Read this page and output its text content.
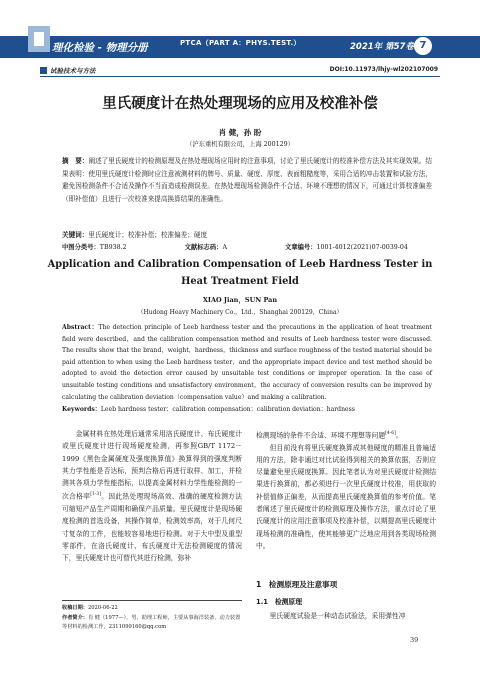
理化检验 - 物理分册	PTCA（PART A：PHYS.TEST.）	2021年 第57卷 7
试验技术与方法	DOI:10.11973/lhjy-wl202107009
里氏硬度计在热处理现场的应用及校准补偿
肖 健，孙 盼
（沪东重机有限公司，上海 200129）
摘　要：阐述了里氏硬度计的检测原理及在热处理现场应用时的注意事项，讨论了里氏硬度计的校准补偿方法及其实现效果。结果表明：使用里氏硬度计检测时应注意被测材料的牌号、质量、硬度、厚度、表面粗糙度等，采用合适的冲击装置和试验方法，避免因检测条件不合适及操作不当而造成检测误差。在热处理现场检测条件不合适、环境不理想的情况下，可通过计算校准偏差（即补偿值）且进行一次校准来提高换算结果的准确性。
关键词：里氏硬度计；校准补偿；校准偏差；硬度
中图分类号：TB938.2	文献标志码：A	文章编号：1001-4012(2021)07-0039-04
Application and Calibration Compensation of Leeb Hardness Tester in Heat Treatment Field
XIAO Jian，SUN Pan
（Hudong Heavy Machinery Co.，Ltd.，Shanghai 200129，China）
Abstract：The detection principle of Leeb hardness tester and the precautions in the application of heat treatment field were described，and the calibration compensation method and results of Leeb hardness tester were discussed. The results show that the brand，weight，hardness，thickness and surface roughness of the tested material should be paid attention to when using the Leeb hardness tester，and the appropriate impact device and test method should be adopted to avoid the detection error caused by unsuitable test conditions or improper operation. In the case of unsuitable testing conditions and unsatisfactory environment，the accuracy of conversion results can be improved by calculating the calibration deviation（compensation value）and making a calibration.
Keywords：Leeb hardness tester；calibration compensation；calibration deviation；hardness
金属材料在热处理后通常采用洛氏硬度计、布氏硬度计或里氏硬度计进行现场硬度检测，再参照GB/T 1172－1999《黑色金属硬度及强度换算值》换算得到的强度判断其力学性能是否达标，预判合格后再进行取样、加工，并检测其各项力学性能指标，以提高金属材料力学性能检测的一次合格率[1-3]。因此热处理现场高效、准确的硬度检测方法可缩短产品生产周期和确保产品质量。里氏硬度计是现场硬度检测的首选设备，其操作简单，检测效率高，对于几何尺寸复杂的工件，也能较容易地进行检测。对于大中型及重型零部件，在洛氏硬度计、布氏硬度计无法检测硬度的情况下，里氏硬度计也可替代其进行检测，弥补

检测现场的条件不合适、环境不理想等问题[4-6]。

但目前没有将里氏硬度换算成其他硬度的精准且普遍适用的方法，除非通过对比试验得到相关的换算依据，否则应尽量避免里氏硬度换算。因此笔者认为对里氏硬度计检测结果进行换算前，都必须进行一次里氏硬度计校准，用获取的补偿值修正偏差，从而提高里氏硬度换算值的参考价值。笔者阐述了里氏硬度计的检测原理及操作方法，重点讨论了里氏硬度计的应用注意事项及校准补偿，以期提高里氏硬度计现场检测的准确性，使其能够更广泛地应用到各类现场检测中。

1　检测原理及注意事项
1.1　检测原理
里氏硬度试验是一种动态试验法，采用弹性冲
收稿日期：2020-06-22
作者简介：肖 健（1977—），男，助理工程师，主要从事海洋装备、动力装置等材料的检测工作，2311099160@qq.com
39
